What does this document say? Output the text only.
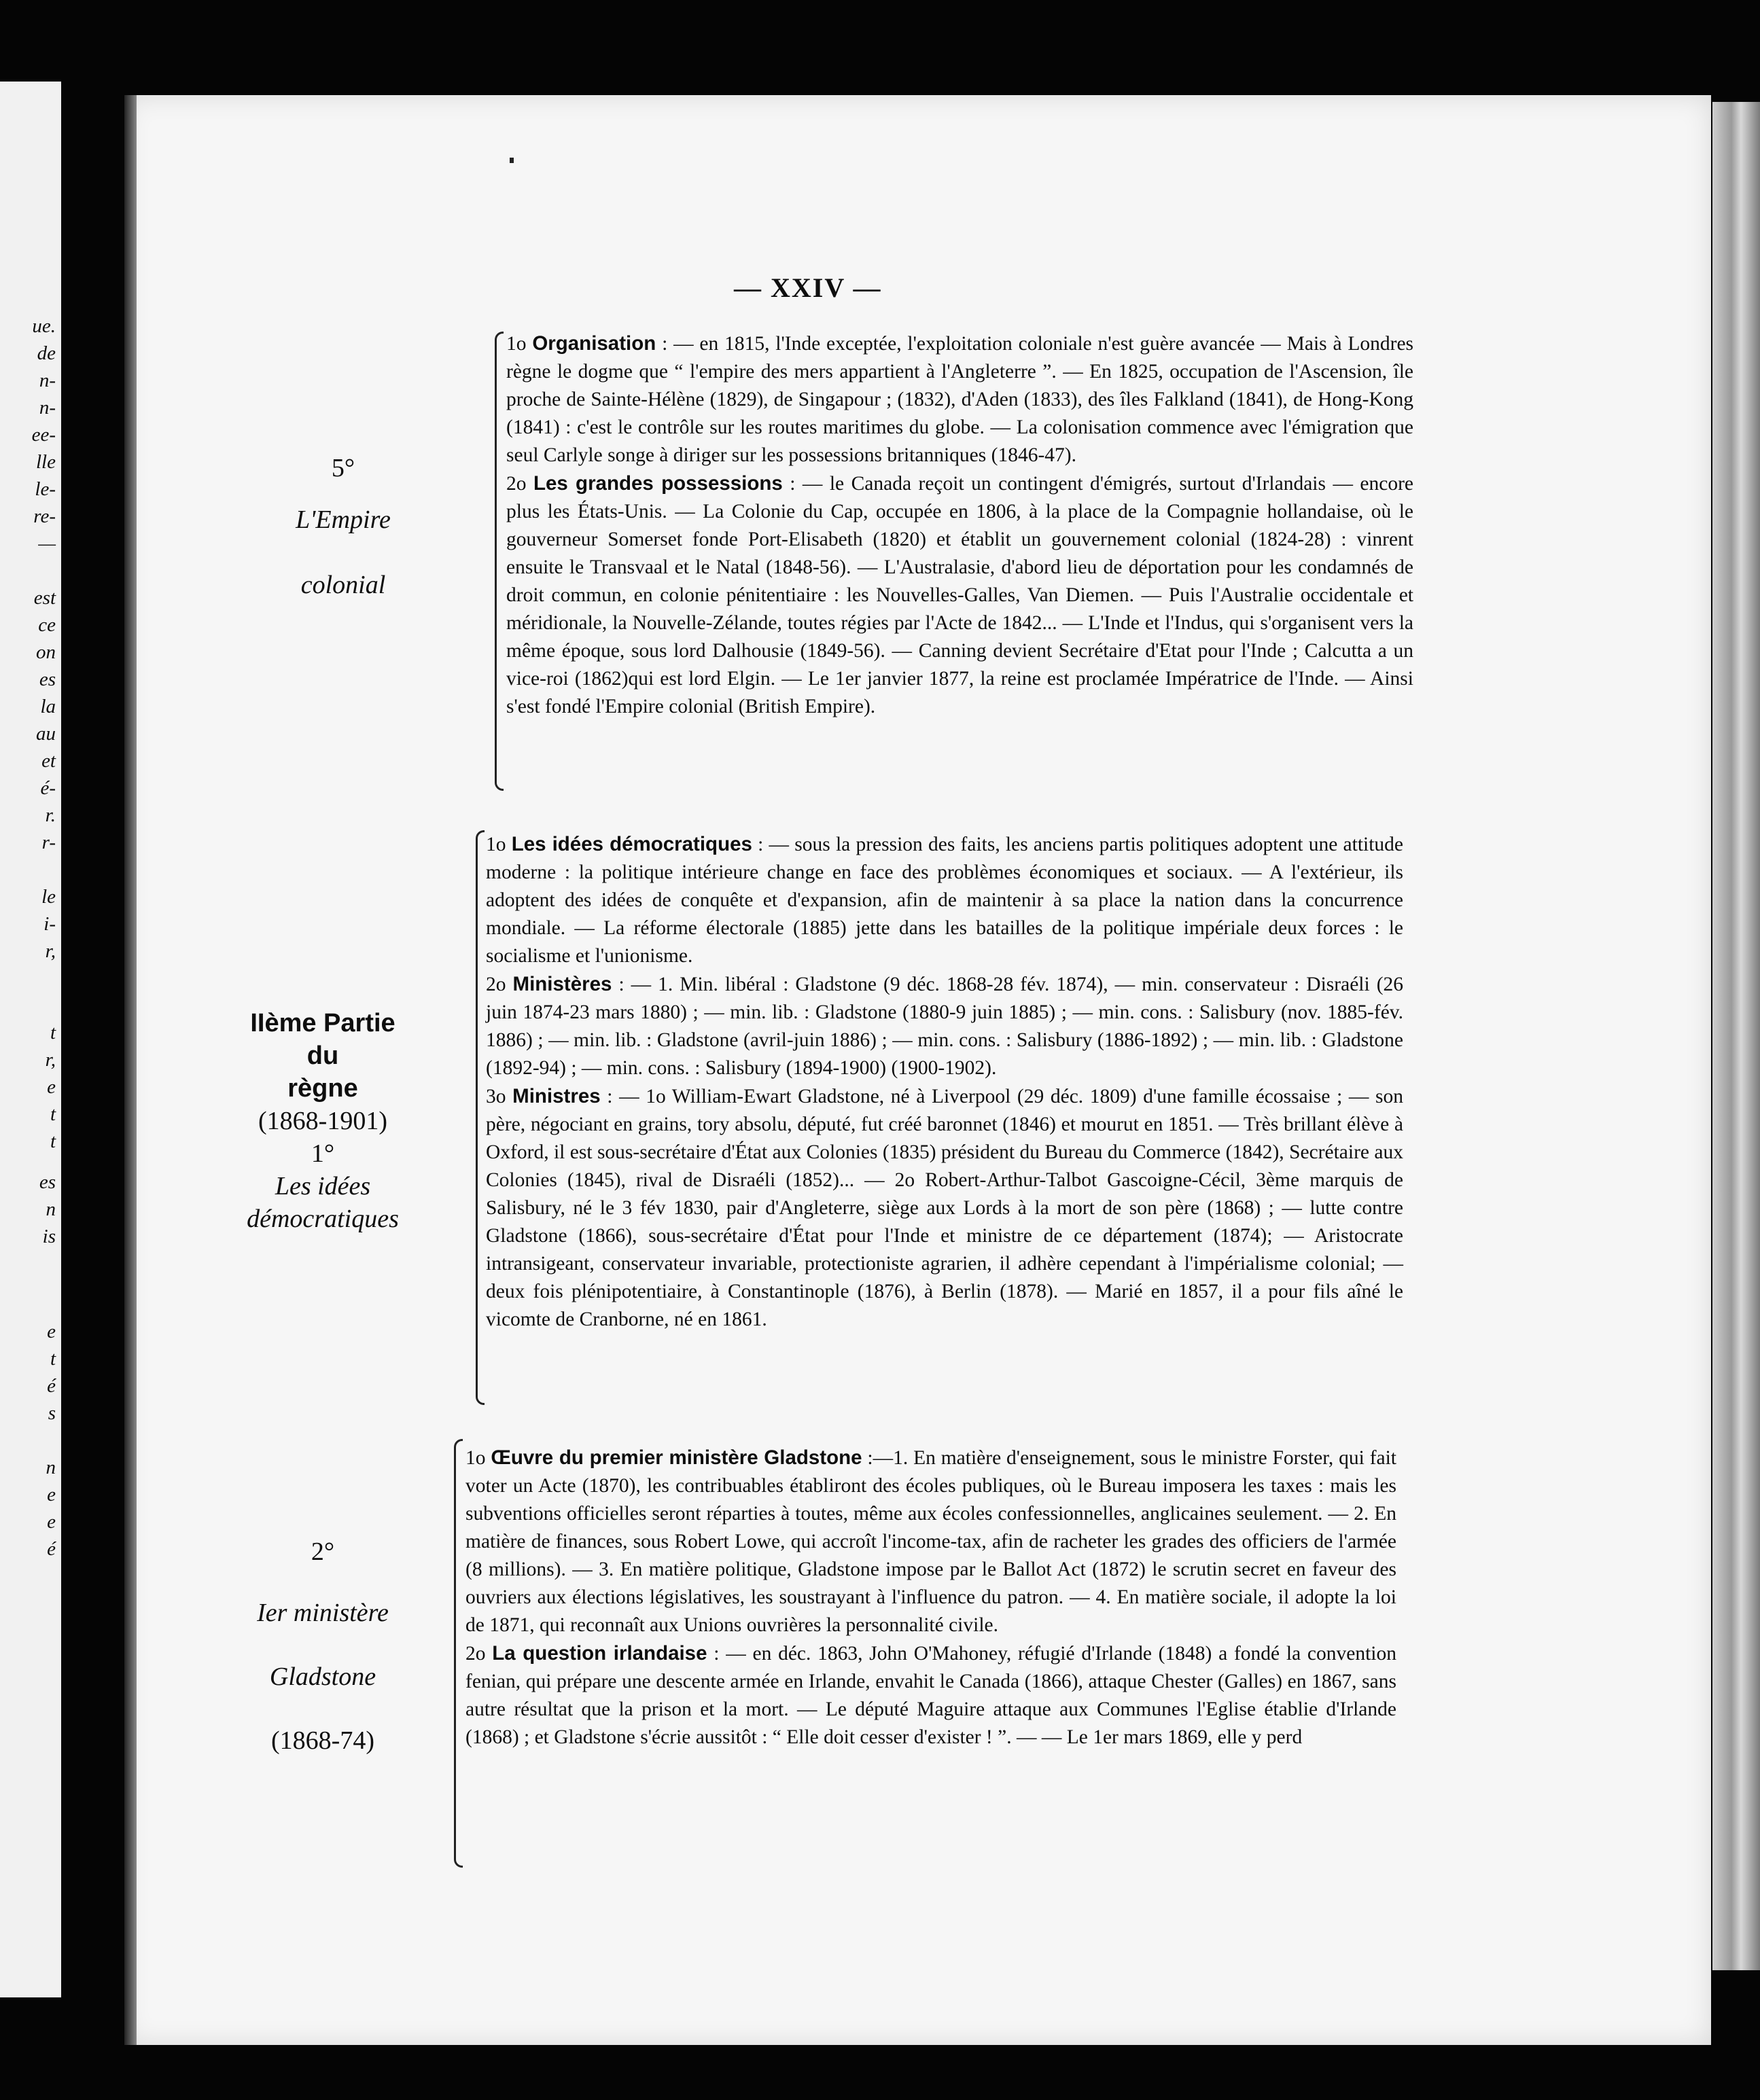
ue.
de
n-
n-
ee-
lle
le-
re-
—
est
ce
on
es
la
au
et
é-
r.
r-
le
i-
r,
t
r,
e
t
t
es
n
is
e
t
é
s
n
e
e
é
— XXIV —
5°
L'Empire
colonial
IIème Partie
du
règne
(1868-1901)
1°
Les idées
démocratiques
2°
Ier ministère
Gladstone
(1868-74)

1o Organisation : — en 1815, l'Inde exceptée, l'exploitation coloniale n'est guère avancée — Mais à Londres règne le dogme que “ l'empire des mers appartient à l'Angleterre ”. — En 1825, occupation de l'Ascension, île proche de Sainte-Hélène (1829), de Singapour ; (1832), d'Aden (1833), des îles Falkland (1841), de Hong-Kong (1841) : c'est le contrôle sur les routes maritimes du globe. — La colonisation commence avec l'émigration que seul Carlyle songe à diriger sur les possessions britanniques (1846-47).

2o Les grandes possessions : — le Canada reçoit un contingent d'émigrés, surtout d'Irlandais — encore plus les États-Unis. — La Colonie du Cap, occupée en 1806, à la place de la Compagnie hollandaise, où le gouverneur Somerset fonde Port-Elisabeth (1820) et établit un gouvernement colonial (1824-28) : vinrent ensuite le Transvaal et le Natal (1848-56). — L'Australasie, d'abord lieu de déportation pour les condamnés de droit commun, en colonie pénitentiaire : les Nouvelles-Galles, Van Diemen. — Puis l'Australie occidentale et méridionale, la Nouvelle-Zélande, toutes régies par l'Acte de 1842... — L'Inde et l'Indus, qui s'organisent vers la même époque, sous lord Dalhousie (1849-56). — Canning devient Secrétaire d'Etat pour l'Inde ; Calcutta a un vice-roi (1862)qui est lord Elgin. — Le 1er janvier 1877, la reine est proclamée Impératrice de l'Inde. — Ainsi s'est fondé l'Empire colonial (British Empire).

1o Les idées démocratiques : — sous la pression des faits, les anciens partis politiques adoptent une attitude moderne : la politique intérieure change en face des problèmes économiques et sociaux. — A l'extérieur, ils adoptent des idées de conquête et d'expansion, afin de maintenir à sa place la nation dans la concurrence mondiale. — La réforme électorale (1885) jette dans les batailles de la politique impériale deux forces : le socialisme et l'unionisme.

2o Ministères : — 1. Min. libéral : Gladstone (9 déc. 1868-28 fév. 1874), — min. conservateur : Disraéli (26 juin 1874-23 mars 1880) ; — min. lib. : Gladstone (1880-9 juin 1885) ; — min. cons. : Salisbury (nov. 1885-fév. 1886) ; — min. lib. : Gladstone (avril-juin 1886) ; — min. cons. : Salisbury (1886-1892) ; — min. lib. : Gladstone (1892-94) ; — min. cons. : Salisbury (1894-1900) (1900-1902).

3o Ministres : — 1o William-Ewart Gladstone, né à Liverpool (29 déc. 1809) d'une famille écossaise ; — son père, négociant en grains, tory absolu, député, fut créé baronnet (1846) et mourut en 1851. — Très brillant élève à Oxford, il est sous-secrétaire d'État aux Colonies (1835) président du Bureau du Commerce (1842), Secrétaire aux Colonies (1845), rival de Disraéli (1852)... — 2o Robert-Arthur-Talbot Gascoigne-Cécil, 3ème marquis de Salisbury, né le 3 fév 1830, pair d'Angleterre, siège aux Lords à la mort de son père (1868) ; — lutte contre Gladstone (1866), sous-secrétaire d'État pour l'Inde et ministre de ce département (1874); — Aristocrate intransigeant, conservateur invariable, protectioniste agrarien, il adhère cependant à l'impérialisme colonial; — deux fois plénipotentiaire, à Constantinople (1876), à Berlin (1878). — Marié en 1857, il a pour fils aîné le vicomte de Cranborne, né en 1861.

1o Œuvre du premier ministère Gladstone :—1. En matière d'enseignement, sous le ministre Forster, qui fait voter un Acte (1870), les contribuables établiront des écoles publiques, où le Bureau imposera les taxes : mais les subventions officielles seront réparties à toutes, même aux écoles confessionnelles, anglicaines seulement. — 2. En matière de finances, sous Robert Lowe, qui accroît l'income-tax, afin de racheter les grades des officiers de l'armée (8 millions). — 3. En matière politique, Gladstone impose par le Ballot Act (1872) le scrutin secret en faveur des ouvriers aux élections législatives, les soustrayant à l'influence du patron. — 4. En matière sociale, il adopte la loi de 1871, qui reconnaît aux Unions ouvrières la personnalité civile.

2o La question irlandaise : — en déc. 1863, John O'Mahoney, réfugié d'Irlande (1848) a fondé la convention fenian, qui prépare une descente armée en Irlande, envahit le Canada (1866), attaque Chester (Galles) en 1867, sans autre résultat que la prison et la mort. — Le député Maguire attaque aux Communes l'Eglise établie d'Irlande (1868) ; et Gladstone s'écrie aussitôt : “ Elle doit cesser d'exister ! ”. — — Le 1er mars 1869, elle y perd
